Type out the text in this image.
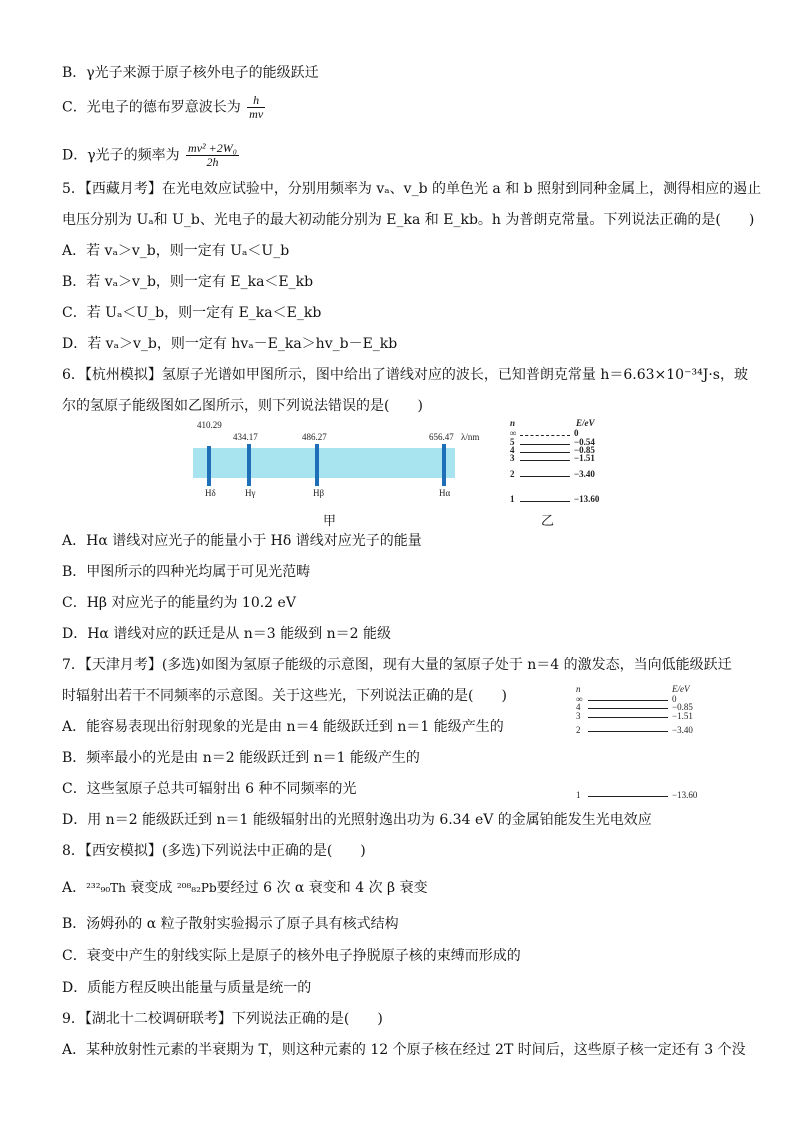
B．γ光子来源于原子核外电子的能级跃迁
C．光电子的德布罗意波长为 $\frac{h}{mv}$
D．γ光子的频率为 $\frac{\text{mv² +2W₀}}{2h}$
5．【西藏月考】在光电效应试验中，分别用频率为 vₐ、v_b 的单色光 a 和 b 照射到同种金属上，测得相应的遏止
电压分别为 Uₐ和 U_b、光电子的最大初动能分别为 E_ka 和 E_kb。h 为普朗克常量。下列说法正确的是(　　)
A．若 vₐ＞v_b，则一定有 Uₐ＜U_b
B．若 vₐ＞v_b，则一定有 E_ka＜E_kb
C．若 Uₐ＜U_b，则一定有 E_ka＜E_kb
D．若 vₐ＞v_b，则一定有 hvₐ－E_ka＞hv_b－E_kb
6．【杭州模拟】氢原子光谱如甲图所示，图中给出了谱线对应的波长，已知普朗克常量 h＝6.63×10⁻³⁴J·s，玻
尔的氢原子能级图如乙图所示，则下列说法错误的是(　　)
410.29
434.17	486.27	656.47 λ/nm
Hδ	Hγ	Hβ	Hα
甲
n	E/eV
∞	0
5	−0.54
4	−0.85
3	−1.51
2	−3.40
1	−13.60
乙
A．Hα 谱线对应光子的能量小于 Hδ 谱线对应光子的能量
B．甲图所示的四种光均属于可见光范畴
C．Hβ 对应光子的能量约为 10.2 eV
D．Hα 谱线对应的跃迁是从 n＝3 能级到 n＝2 能级
7．【天津月考】(多选)如图为氢原子能级的示意图，现有大量的氢原子处于 n＝4 的激发态，当向低能级跃迁
时辐射出若干不同频率的示意图。关于这些光，下列说法正确的是(　　)
A．能容易表现出衍射现象的光是由 n＝4 能级跃迁到 n＝1 能级产生的
B．频率最小的光是由 n＝2 能级跃迁到 n＝1 能级产生的
C．这些氢原子总共可辐射出 6 种不同频率的光
D．用 n＝2 能级跃迁到 n＝1 能级辐射出的光照射逸出功为 6.34 eV 的金属铂能发生光电效应
n	E/eV
∞	0
4	−0.85
3	−1.51
2	−3.40
1	−13.60
8．【西安模拟】(多选)下列说法中正确的是(　　)
A．²³²₉₀Th 衰变成 ²⁰⁸₈₂Pb要经过 6 次 α 衰变和 4 次 β 衰变
B．汤姆孙的 α 粒子散射实验揭示了原子具有核式结构
C．衰变中产生的射线实际上是原子的核外电子挣脱原子核的束缚而形成的
D．质能方程反映出能量与质量是统一的
9．【湖北十二校调研联考】下列说法正确的是(　　)
A．某种放射性元素的半衰期为 T，则这种元素的 12 个原子核在经过 2T 时间后，这些原子核一定还有 3 个没
